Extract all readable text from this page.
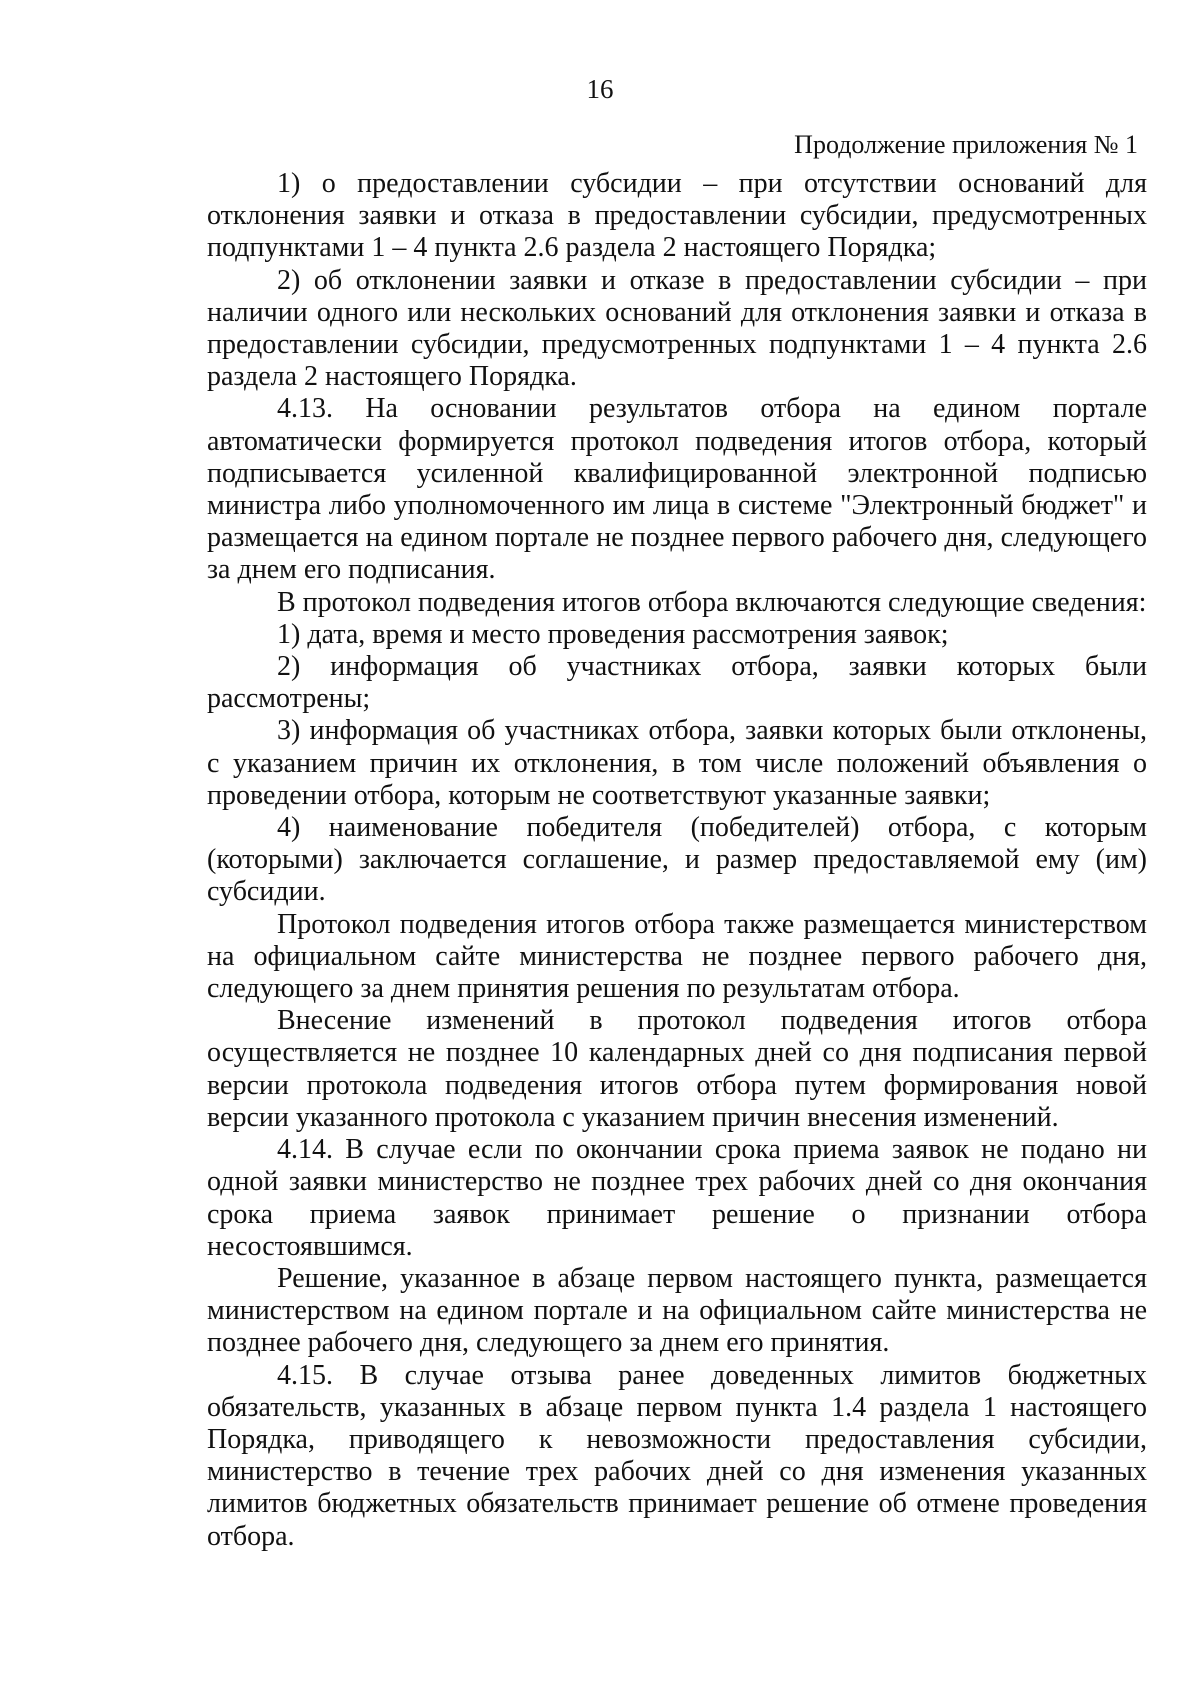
16
Продолжение приложения № 1

1) о предоставлении субсидии – при отсутствии оснований для отклонения заявки и отказа в предоставлении субсидии, предусмотренных подпунктами 1 – 4 пункта 2.6 раздела 2 настоящего Порядка;

2) об отклонении заявки и отказе в предоставлении субсидии – при наличии одного или нескольких оснований для отклонения заявки и отказа в предоставлении субсидии, предусмотренных подпунктами 1 – 4 пункта 2.6 раздела 2 настоящего Порядка.

4.13. На основании результатов отбора на едином портале автоматически формируется протокол подведения итогов отбора, который подписывается усиленной квалифицированной электронной подписью министра либо уполномоченного им лица в системе "Электронный бюджет" и размещается на едином портале не позднее первого рабочего дня, следующего за днем его подписания.

В протокол подведения итогов отбора включаются следующие сведения:

1) дата, время и место проведения рассмотрения заявок;

2) информация об участниках отбора, заявки которых были рассмотрены;

3) информация об участниках отбора, заявки которых были отклонены, с указанием причин их отклонения, в том числе положений объявления о проведении отбора, которым не соответствуют указанные заявки;

4) наименование победителя (победителей) отбора, с которым (которыми) заключается соглашение, и размер предоставляемой ему (им) субсидии.

Протокол подведения итогов отбора также размещается министерством на официальном сайте министерства не позднее первого рабочего дня, следующего за днем принятия решения по результатам отбора.

Внесение изменений в протокол подведения итогов отбора осуществляется не позднее 10 календарных дней со дня подписания первой версии протокола подведения итогов отбора путем формирования новой версии указанного протокола с указанием причин внесения изменений.

4.14. В случае если по окончании срока приема заявок не подано ни одной заявки министерство не позднее трех рабочих дней со дня окончания срока приема заявок принимает решение о признании отбора несостоявшимся.

Решение, указанное в абзаце первом настоящего пункта, размещается министерством на едином портале и на официальном сайте министерства не позднее рабочего дня, следующего за днем его принятия.

4.15. В случае отзыва ранее доведенных лимитов бюджетных обязательств, указанных в абзаце первом пункта 1.4 раздела 1 настоящего Порядка, приводящего к невозможности предоставления субсидии, министерство в течение трех рабочих дней со дня изменения указанных лимитов бюджетных обязательств принимает решение об отмене проведения отбора.
